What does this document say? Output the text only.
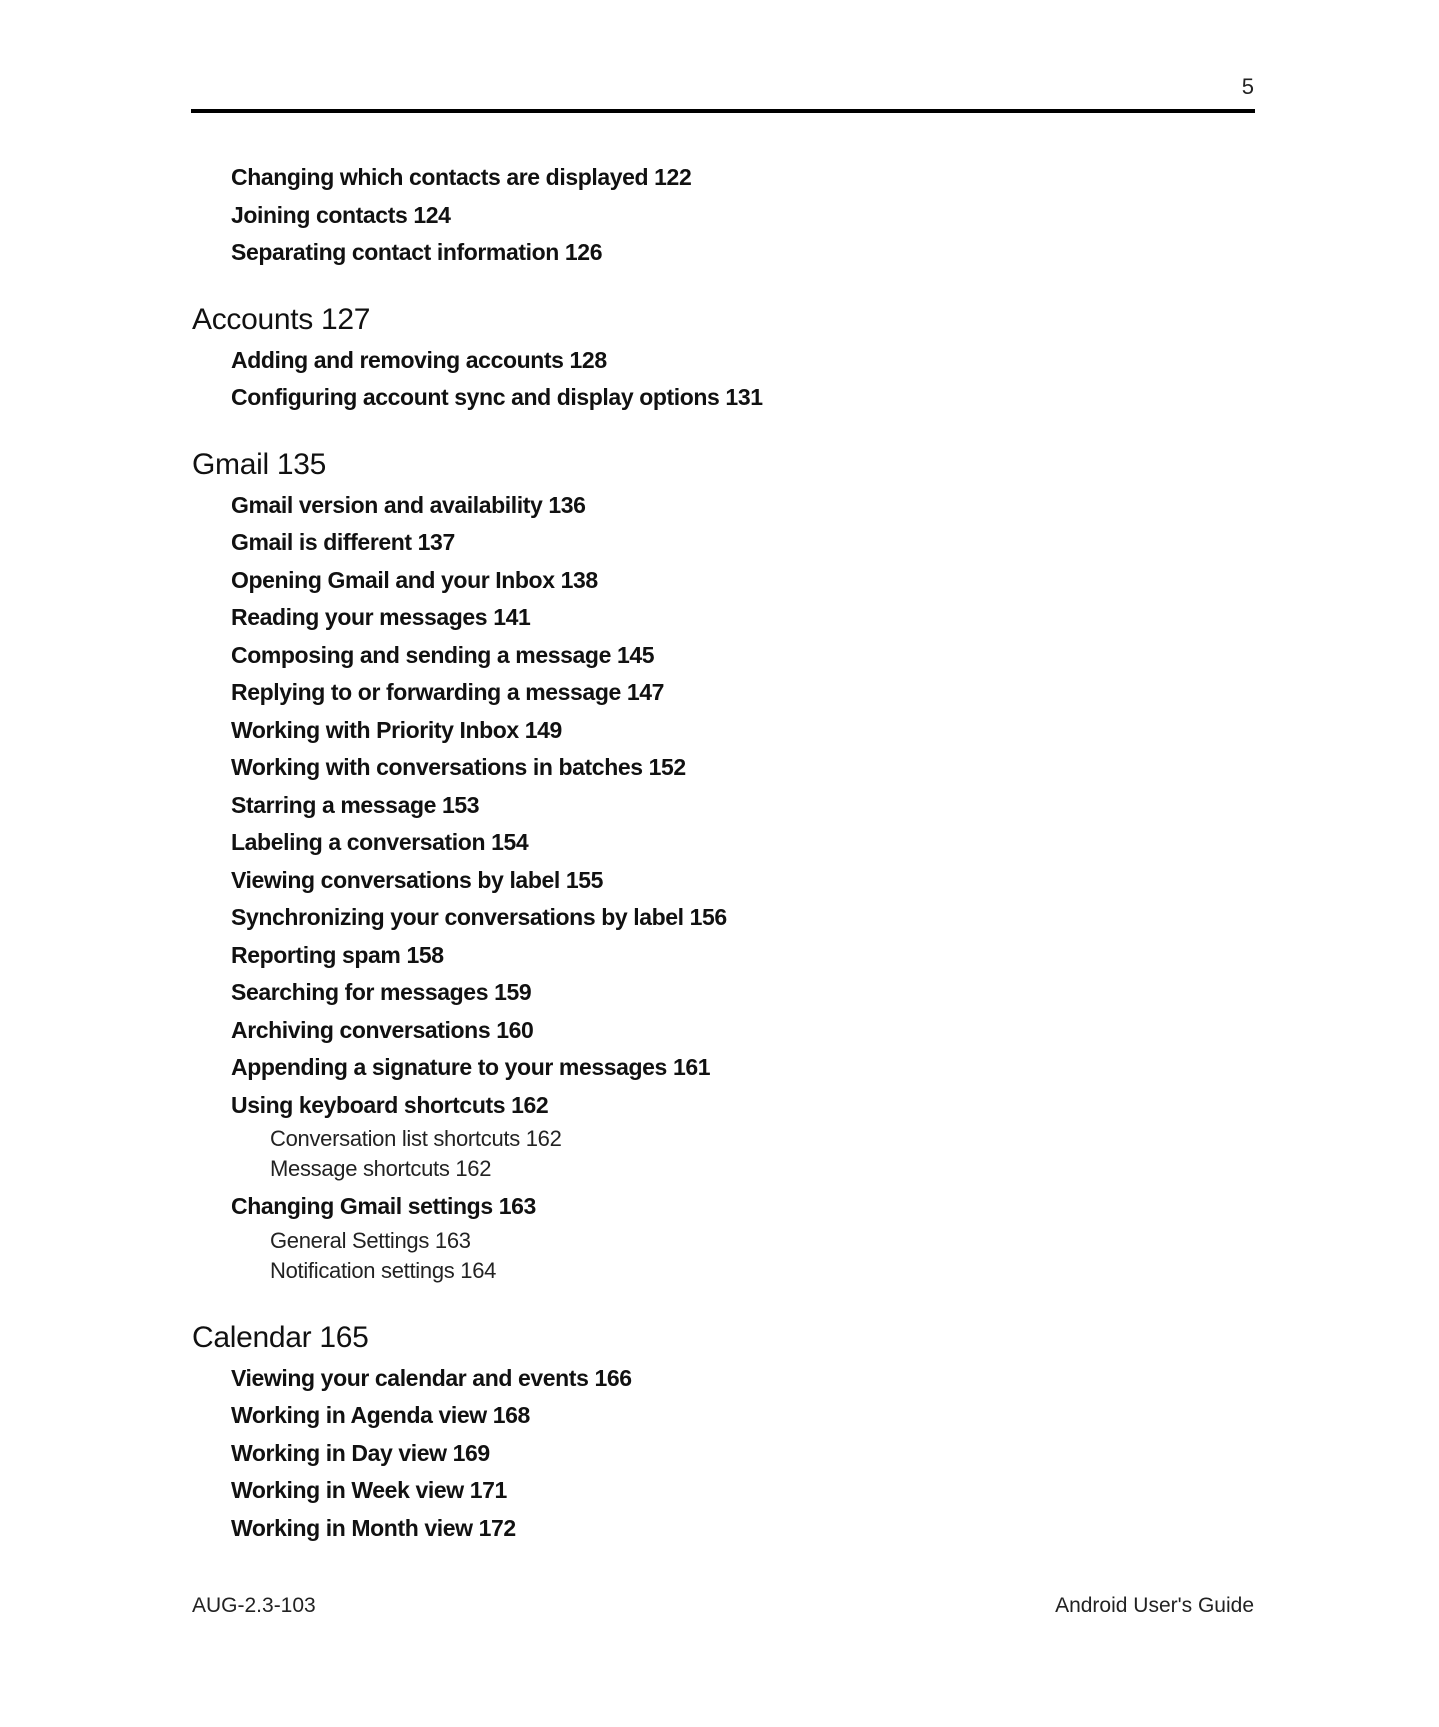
5
Changing which contacts are displayed 122
Joining contacts 124
Separating contact information 126
Accounts 127
Adding and removing accounts 128
Configuring account sync and display options 131
Gmail 135
Gmail version and availability 136
Gmail is different 137
Opening Gmail and your Inbox 138
Reading your messages 141
Composing and sending a message 145
Replying to or forwarding a message 147
Working with Priority Inbox 149
Working with conversations in batches 152
Starring a message 153
Labeling a conversation 154
Viewing conversations by label 155
Synchronizing your conversations by label 156
Reporting spam 158
Searching for messages 159
Archiving conversations 160
Appending a signature to your messages 161
Using keyboard shortcuts 162
Conversation list shortcuts 162
Message shortcuts 162
Changing Gmail settings 163
General Settings 163
Notification settings 164
Calendar 165
Viewing your calendar and events 166
Working in Agenda view 168
Working in Day view 169
Working in Week view 171
Working in Month view 172
AUG-2.3-103	Android User's Guide
